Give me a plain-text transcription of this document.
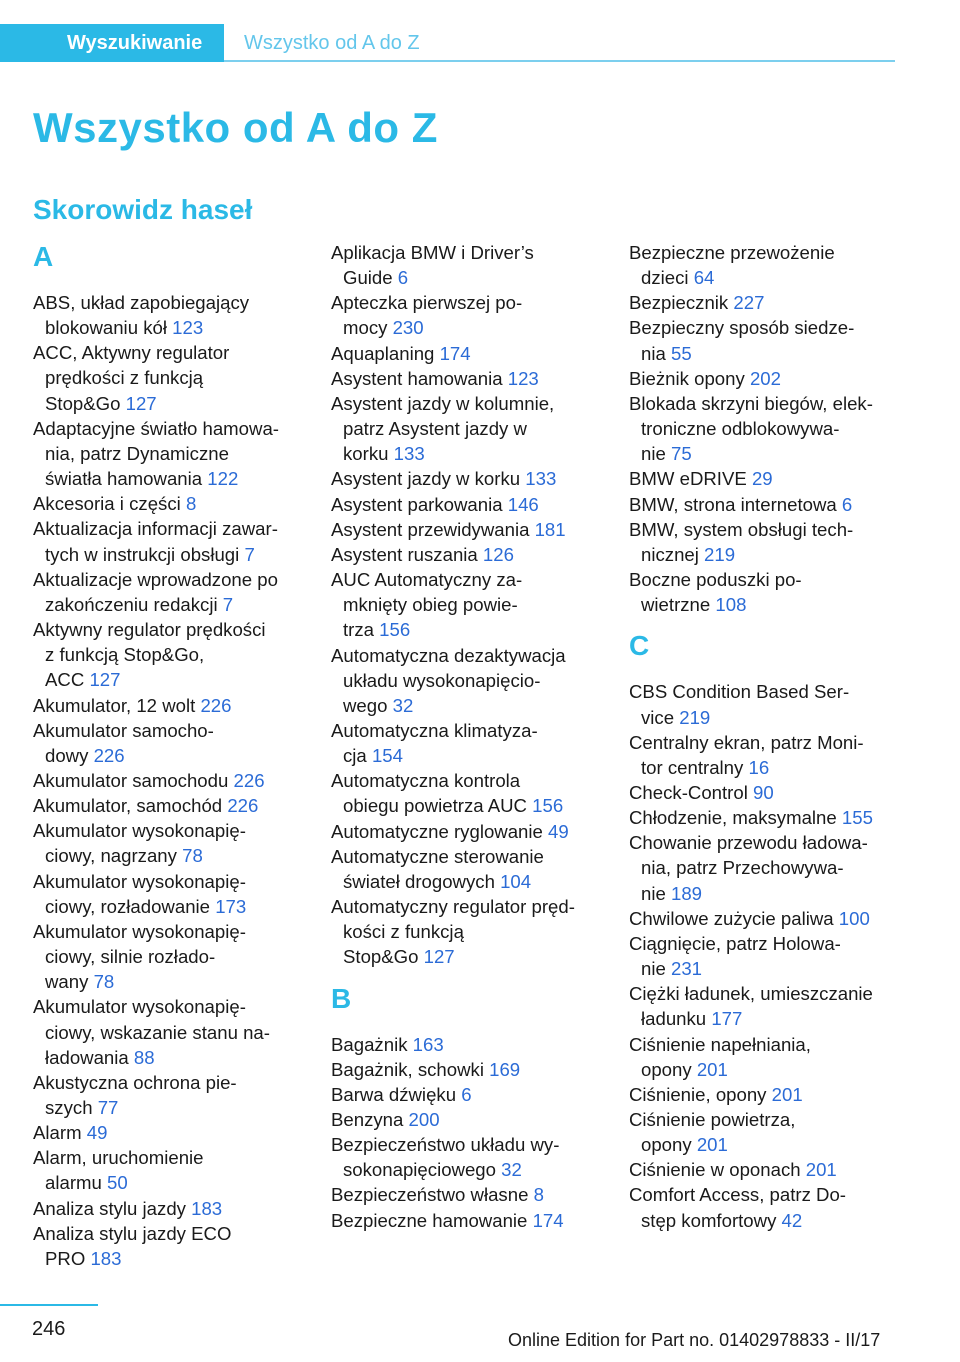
Wyszukiwanie	Wszystko od A do Z
Wszystko od A do Z
Skorowidz haseł
A
ABS, układ zapobiegający
blokowaniu kół 123
ACC, Aktywny regulator
prędkości z funkcją
Stop&Go 127
Adaptacyjne światło hamowa-
nia, patrz Dynamiczne
światła hamowania 122
Akcesoria i części 8
Aktualizacja informacji zawar-
tych w instrukcji obsługi 7
Aktualizacje wprowadzone po
zakończeniu redakcji 7
Aktywny regulator prędkości
z funkcją Stop&Go,
ACC 127
Akumulator, 12 wolt 226
Akumulator samocho-
dowy 226
Akumulator samochodu 226
Akumulator, samochód 226
Akumulator wysokonapię-
ciowy, nagrzany 78
Akumulator wysokonapię-
ciowy, rozładowanie 173
Akumulator wysokonapię-
ciowy, silnie rozłado-
wany 78
Akumulator wysokonapię-
ciowy, wskazanie stanu na-
ładowania 88
Akustyczna ochrona pie-
szych 77
Alarm 49
Alarm, uruchomienie
alarmu 50
Analiza stylu jazdy 183
Analiza stylu jazdy ECO
PRO 183
Aplikacja BMW i Driver’s
Guide 6
Apteczka pierwszej po-
mocy 230
Aquaplaning 174
Asystent hamowania 123
Asystent jazdy w kolumnie,
patrz Asystent jazdy w
korku 133
Asystent jazdy w korku 133
Asystent parkowania 146
Asystent przewidywania 181
Asystent ruszania 126
AUC Automatyczny za-
mknięty obieg powie-
trza 156
Automatyczna dezaktywacja
układu wysokonapięcio-
wego 32
Automatyczna klimatyza-
cja 154
Automatyczna kontrola
obiegu powietrza AUC 156
Automatyczne ryglowanie 49
Automatyczne sterowanie
świateł drogowych 104
Automatyczny regulator pręd-
kości z funkcją
Stop&Go 127
B
Bagażnik 163
Bagażnik, schowki 169
Barwa dźwięku 6
Benzyna 200
Bezpieczeństwo układu wy-
sokonapięciowego 32
Bezpieczeństwo własne 8
Bezpieczne hamowanie 174
Bezpieczne przewożenie
dzieci 64
Bezpiecznik 227
Bezpieczny sposób siedze-
nia 55
Bieżnik opony 202
Blokada skrzyni biegów, elek-
troniczne odblokowywa-
nie 75
BMW eDRIVE 29
BMW, strona internetowa 6
BMW, system obsługi tech-
nicznej 219
Boczne poduszki po-
wietrzne 108
C
CBS Condition Based Ser-
vice 219
Centralny ekran, patrz Moni-
tor centralny 16
Check-Control 90
Chłodzenie, maksymalne 155
Chowanie przewodu ładowa-
nia, patrz Przechowywa-
nie 189
Chwilowe zużycie paliwa 100
Ciągnięcie, patrz Holowa-
nie 231
Ciężki ładunek, umieszczanie
ładunku 177
Ciśnienie napełniania,
opony 201
Ciśnienie, opony 201
Ciśnienie powietrza,
opony 201
Ciśnienie w oponach 201
Comfort Access, patrz Do-
stęp komfortowy 42
246	Online Edition for Part no. 01402978833 - II/17
